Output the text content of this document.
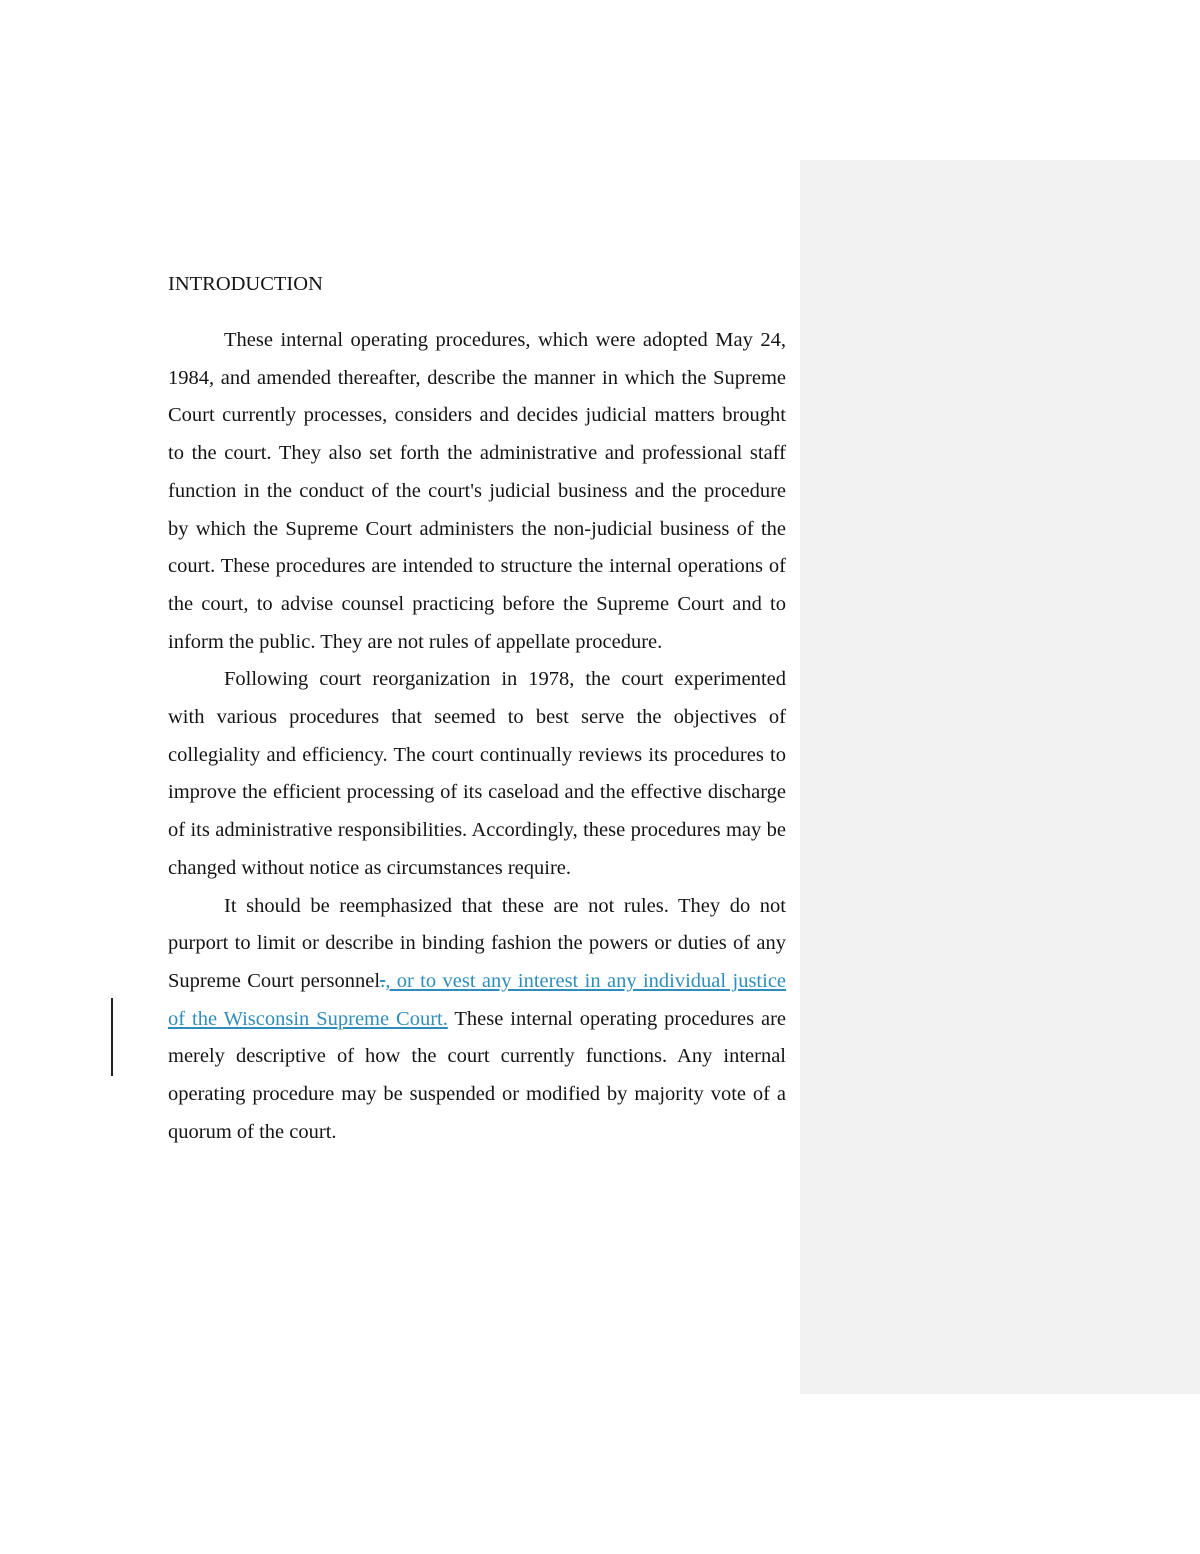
INTRODUCTION

These internal operating procedures, which were adopted May 24, 1984, and amended thereafter, describe the manner in which the Supreme Court currently processes, considers and decides judicial matters brought to the court. They also set forth the administrative and professional staff function in the conduct of the court's judicial business and the procedure by which the Supreme Court administers the non-judicial business of the court. These procedures are intended to structure the internal operations of the court, to advise counsel practicing before the Supreme Court and to inform the public. They are not rules of appellate procedure.

Following court reorganization in 1978, the court experimented with various procedures that seemed to best serve the objectives of collegiality and efficiency. The court continually reviews its procedures to improve the efficient processing of its caseload and the effective discharge of its administrative responsibilities. Accordingly, these procedures may be changed without notice as circumstances require.

It should be reemphasized that these are not rules. They do not purport to limit or describe in binding fashion the powers or duties of any Supreme Court personnel., or to vest any interest in any individual justice of the Wisconsin Supreme Court. These internal operating procedures are merely descriptive of how the court currently functions. Any internal operating procedure may be suspended or modified by majority vote of a quorum of the court.
